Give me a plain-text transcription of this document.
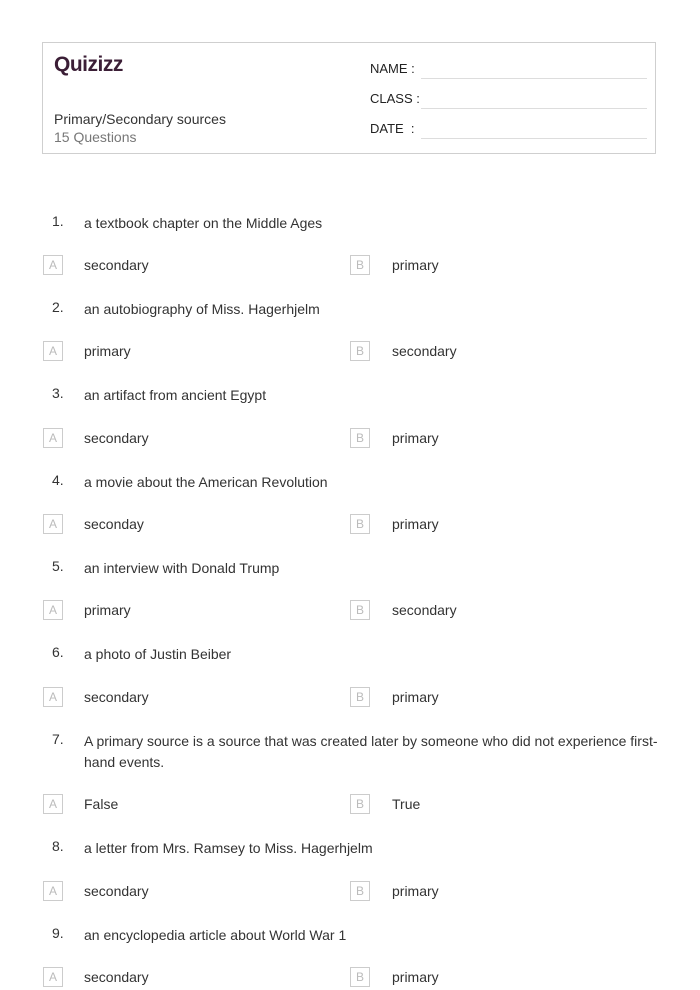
Quizizz
Primary/Secondary sources
15 Questions
NAME :
CLASS :
DATE  :
1. a textbook chapter on the Middle Ages
A	secondary	B	primary
2. an autobiography of Miss. Hagerhjelm
A	primary	B	secondary
3. an artifact from ancient Egypt
A	secondary	B	primary
4. a movie about the American Revolution
A	seconday	B	primary
5. an interview with Donald Trump
A	primary	B	secondary
6. a photo of Justin Beiber
A	secondary	B	primary
7. A primary source is a source that was created later by someone who did not experience first-hand events.
A	False	B	True
8. a letter from Mrs. Ramsey to Miss. Hagerhjelm
A	secondary	B	primary
9. an encyclopedia article about World War 1
A	secondary	B	primary
